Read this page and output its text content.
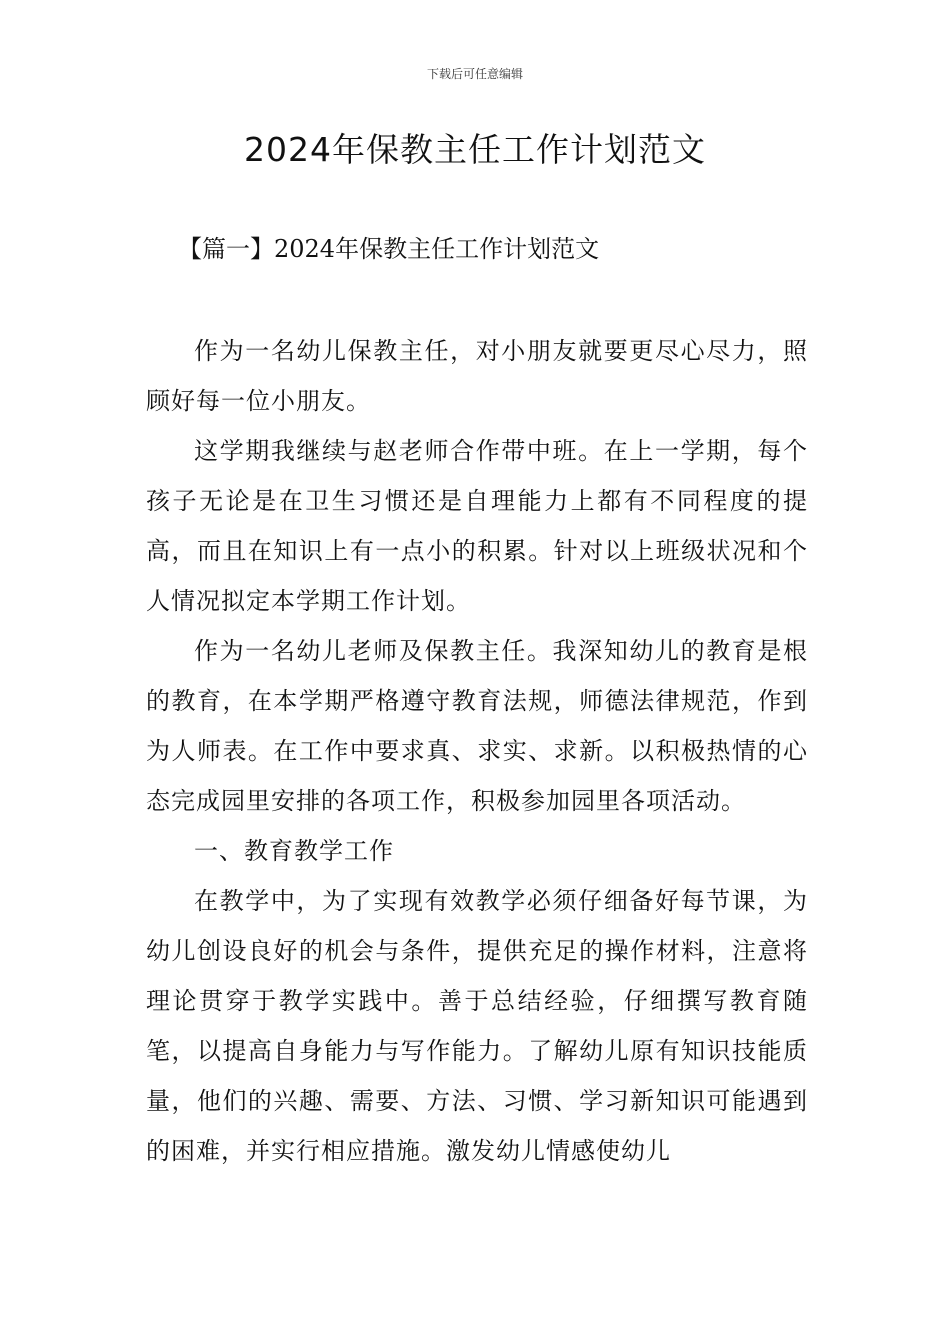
下载后可任意编辑
2024年保教主任工作计划范文
【篇一】2024年保教主任工作计划范文

作为一名幼儿保教主任，对小朋友就要更尽心尽力，照顾好每一位小朋友。

这学期我继续与赵老师合作带中班。在上一学期，每个孩子无论是在卫生习惯还是自理能力上都有不同程度的提高，而且在知识上有一点小的积累。针对以上班级状况和个人情况拟定本学期工作计划。

作为一名幼儿老师及保教主任。我深知幼儿的教育是根的教育，在本学期严格遵守教育法规，师德法律规范，作到为人师表。在工作中要求真、求实、求新。以积极热情的心态完成园里安排的各项工作，积极参加园里各项活动。

一、教育教学工作

在教学中，为了实现有效教学必须仔细备好每节课，为幼儿创设良好的机会与条件，提供充足的操作材料，注意将理论贯穿于教学实践中。善于总结经验，仔细撰写教育随笔，以提高自身能力与写作能力。了解幼儿原有知识技能质量，他们的兴趣、需要、方法、习惯、学习新知识可能遇到的困难，并实行相应措施。激发幼儿情感使幼儿
